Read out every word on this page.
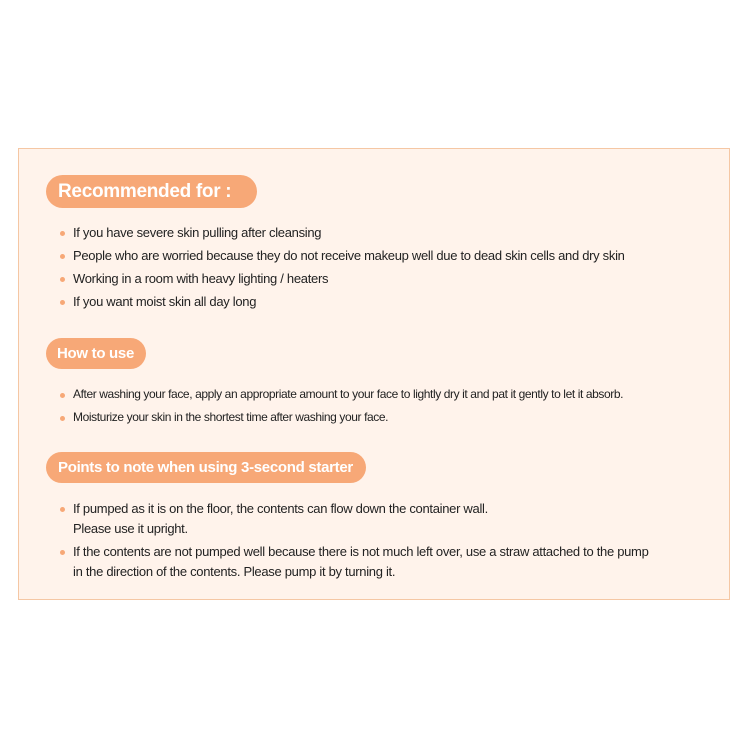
Recommended for :
If you have severe skin pulling after cleansing
People who are worried because they do not receive makeup well due to dead skin cells and dry skin
Working in a room with heavy lighting / heaters
If you want moist skin all day long
How to use
After washing your face, apply an appropriate amount to your face to lightly dry it and pat it gently to let it absorb.
Moisturize your skin in the shortest time after washing your face.
Points to note when using 3-second starter
If pumped as it is on the floor, the contents can flow down the container wall.
Please use it upright.
If the contents are not pumped well because there is not much left over, use a straw attached to the pump
in the direction of the contents. Please pump it by turning it.
